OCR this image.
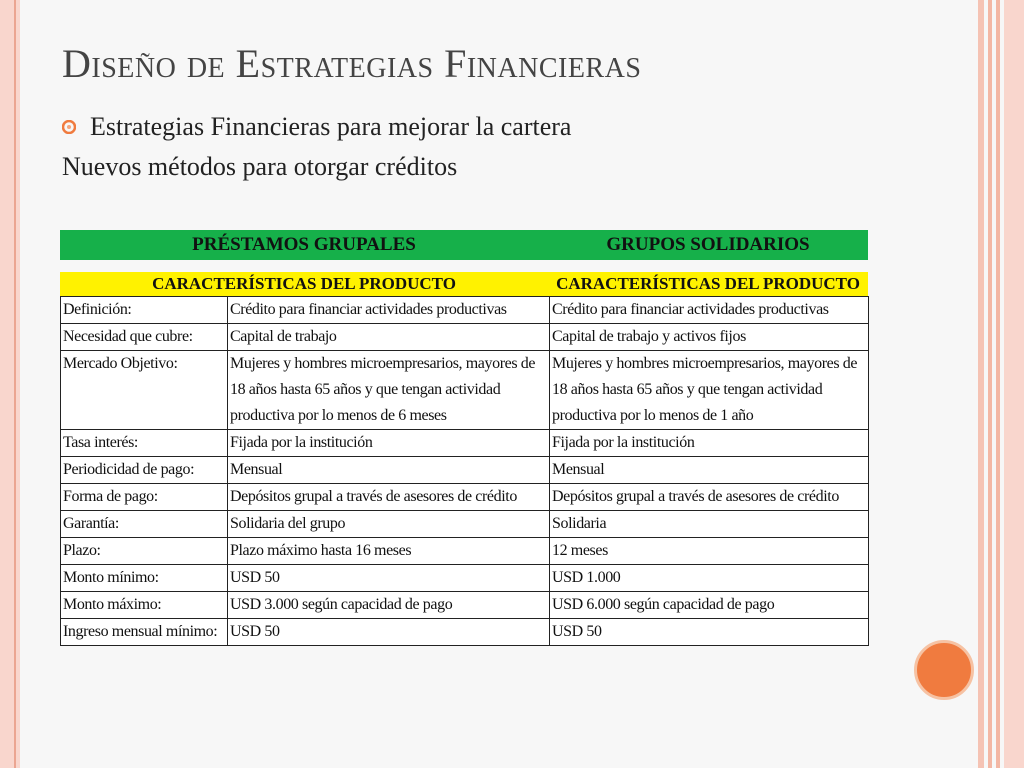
Diseño de Estrategias Financieras
Estrategias Financieras para mejorar la cartera
Nuevos métodos para otorgar créditos
PRÉSTAMOS GRUPALES	GRUPOS SOLIDARIOS
CARACTERÍSTICAS DEL PRODUCTO	CARACTERÍSTICAS DEL PRODUCTO
Definición:	Crédito para financiar actividades productivas	Crédito para financiar actividades productivas
Necesidad que cubre:	Capital de trabajo	Capital de trabajo y activos fijos
Mercado Objetivo:	Mujeres y hombres microempresarios, mayores de 18 años hasta 65 años y que tengan actividad productiva por lo menos de 6 meses	Mujeres y hombres microempresarios, mayores de 18 años hasta 65 años y que tengan actividad productiva por lo menos de 1 año
Tasa interés:	Fijada por la institución	Fijada por la institución
Periodicidad de pago:	Mensual	Mensual
Forma de pago:	Depósitos grupal a través de asesores de crédito	Depósitos grupal a través de asesores de crédito
Garantía:	Solidaria del grupo	Solidaria
Plazo:	Plazo máximo hasta 16 meses	12 meses
Monto mínimo:	USD 50	USD 1.000
Monto máximo:	USD 3.000 según capacidad de pago	USD 6.000 según capacidad de pago
Ingreso mensual mínimo:	USD 50	USD 50
